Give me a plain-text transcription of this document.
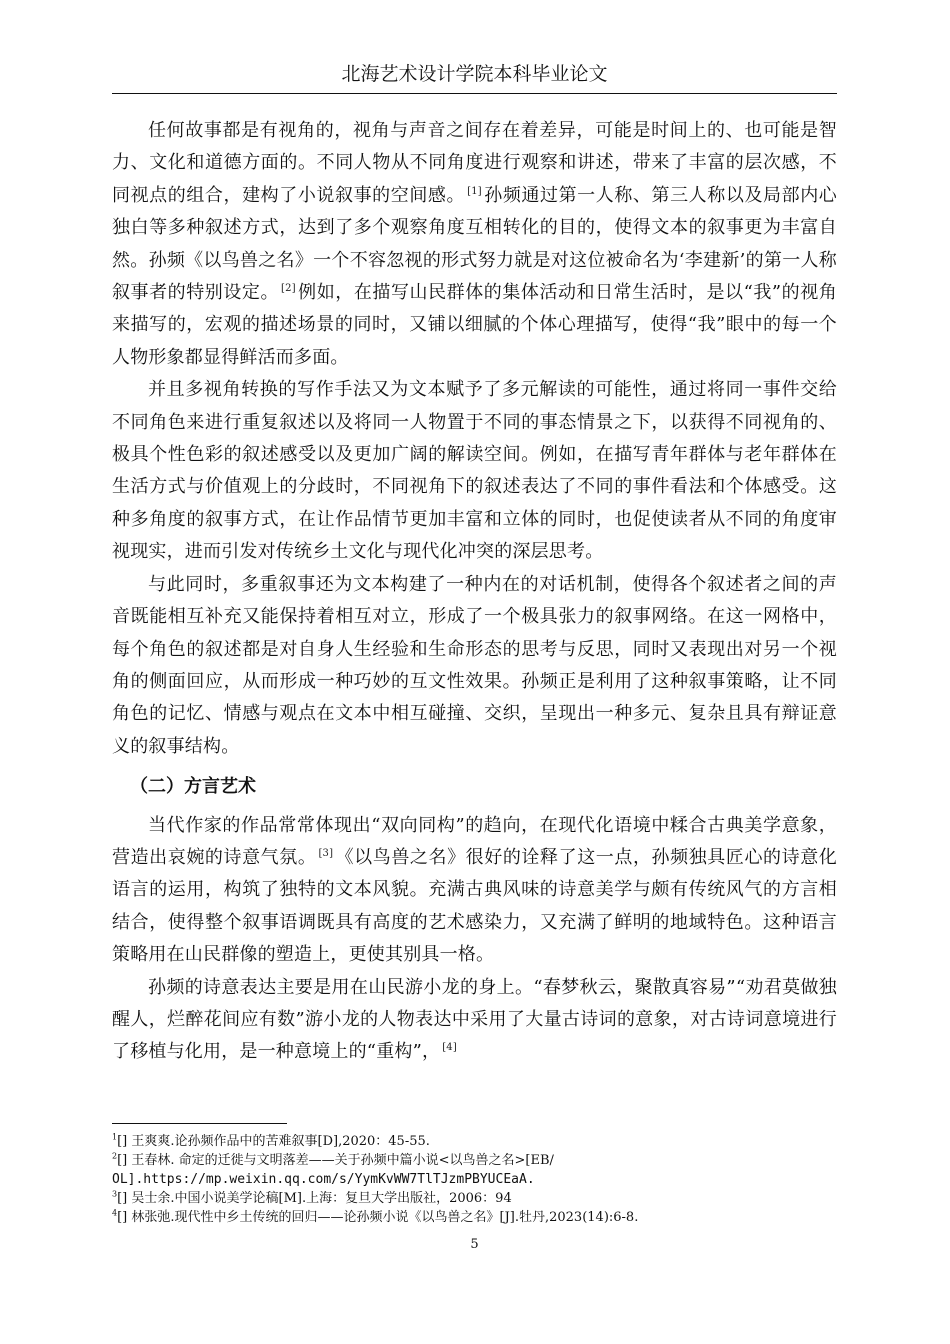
北海艺术设计学院本科毕业论文

任何故事都是有视角的，视角与声音之间存在着差异，可能是时间上的、也可能是智力、文化和道德方面的。不同人物从不同角度进行观察和讲述，带来了丰富的层次感，不同视点的组合，建构了小说叙事的空间感。 [1] 孙频通过第一人称、第三人称以及局部内心独白等多种叙述方式，达到了多个观察角度互相转化的目的，使得文本的叙事更为丰富自然。孙频《以鸟兽之名》一个不容忽视的形式努力就是对这位被命名为‘李建新’的第一人称叙事者的特别设定。 [2] 例如，在描写山民群体的集体活动和日常生活时，是以“我”的视角来描写的，宏观的描述场景的同时，又铺以细腻的个体心理描写，使得“我”眼中的每一个人物形象都显得鲜活而多面。

并且多视角转换的写作手法又为文本赋予了多元解读的可能性，通过将同一事件交给不同角色来进行重复叙述以及将同一人物置于不同的事态情景之下，以获得不同视角的、极具个性色彩的叙述感受以及更加广阔的解读空间。例如，在描写青年群体与老年群体在生活方式与价值观上的分歧时，不同视角下的叙述表达了不同的事件看法和个体感受。这种多角度的叙事方式，在让作品情节更加丰富和立体的同时，也促使读者从不同的角度审视现实，进而引发对传统乡土文化与现代化冲突的深层思考。

与此同时，多重叙事还为文本构建了一种内在的对话机制，使得各个叙述者之间的声音既能相互补充又能保持着相互对立，形成了一个极具张力的叙事网络。在这一网格中，每个角色的叙述都是对自身人生经验和生命形态的思考与反思，同时又表现出对另一个视角的侧面回应，从而形成一种巧妙的互文性效果。孙频正是利用了这种叙事策略，让不同角色的记忆、情感与观点在文本中相互碰撞、交织，呈现出一种多元、复杂且具有辩证意义的叙事结构。

（二）方言艺术

当代作家的作品常常体现出“双向同构”的趋向，在现代化语境中糅合古典美学意象，营造出哀婉的诗意气氛。 [3] 《以鸟兽之名》很好的诠释了这一点，孙频独具匠心的诗意化语言的运用，构筑了独特的文本风貌。充满古典风味的诗意美学与颇有传统风气的方言相结合，使得整个叙事语调既具有高度的艺术感染力，又充满了鲜明的地域特色。这种语言策略用在山民群像的塑造上，更使其别具一格。

孙频的诗意表达主要是用在山民游小龙的身上。“春梦秋云，聚散真容易”“劝君莫做独醒人，烂醉花间应有数”游小龙的人物表达中采用了大量古诗词的意象，对古诗词意境进行了移植与化用，是一种意境上的“重构”， [4]

$^1$[] 王爽爽.论孙频作品中的苦难叙事[D],2020：45-55.

$^2$[] 王春林. 命定的迁徙与文明落差——关于孙频中篇小说<以鸟兽之名>[EB/

OL].https://mp.weixin.qq.com/s/YymKvWW7TlTJzmPBYUCEaA.

$^3$[] 吴士余.中国小说美学论稿[M].上海：复旦大学出版社，2006：94

$^4$[] 林张弛.现代性中乡土传统的回归——论孙频小说《以鸟兽之名》[J].牡丹,2023(14):6-8.

5
